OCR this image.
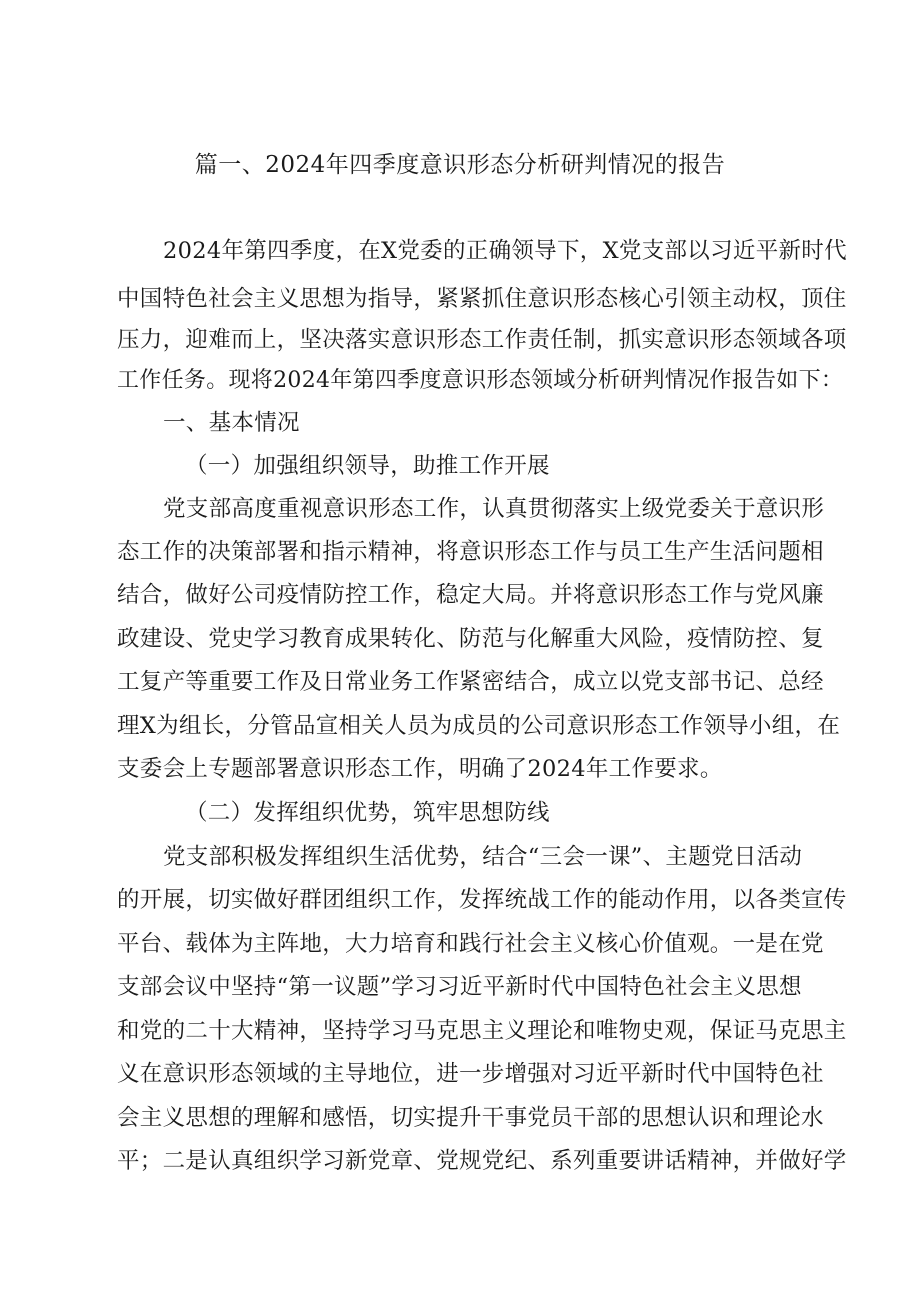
篇一、2024年四季度意识形态分析研判情况的报告
2024年第四季度，在X党委的正确领导下，X党支部以习近平新时代
中国特色社会主义思想为指导，紧紧抓住意识形态核心引领主动权，顶住
压力，迎难而上，坚决落实意识形态工作责任制，抓实意识形态领域各项
工作任务。现将2024年第四季度意识形态领域分析研判情况作报告如下：
一、基本情况
（一）加强组织领导，助推工作开展
党支部高度重视意识形态工作，认真贯彻落实上级党委关于意识形
态工作的决策部署和指示精神，将意识形态工作与员工生产生活问题相
结合，做好公司疫情防控工作，稳定大局。并将意识形态工作与党风廉
政建设、党史学习教育成果转化、防范与化解重大风险，疫情防控、复
工复产等重要工作及日常业务工作紧密结合，成立以党支部书记、总经
理X为组长，分管品宣相关人员为成员的公司意识形态工作领导小组，在
支委会上专题部署意识形态工作，明确了2024年工作要求。
（二）发挥组织优势，筑牢思想防线
党支部积极发挥组织生活优势，结合“三会一课”、主题党日活动
的开展，切实做好群团组织工作，发挥统战工作的能动作用，以各类宣传
平台、载体为主阵地，大力培育和践行社会主义核心价值观。一是在党
支部会议中坚持“第一议题”学习习近平新时代中国特色社会主义思想
和党的二十大精神，坚持学习马克思主义理论和唯物史观，保证马克思主
义在意识形态领域的主导地位，进一步增强对习近平新时代中国特色社
会主义思想的理解和感悟，切实提升干事党员干部的思想认识和理论水
平；二是认真组织学习新党章、党规党纪、系列重要讲话精神，并做好学
